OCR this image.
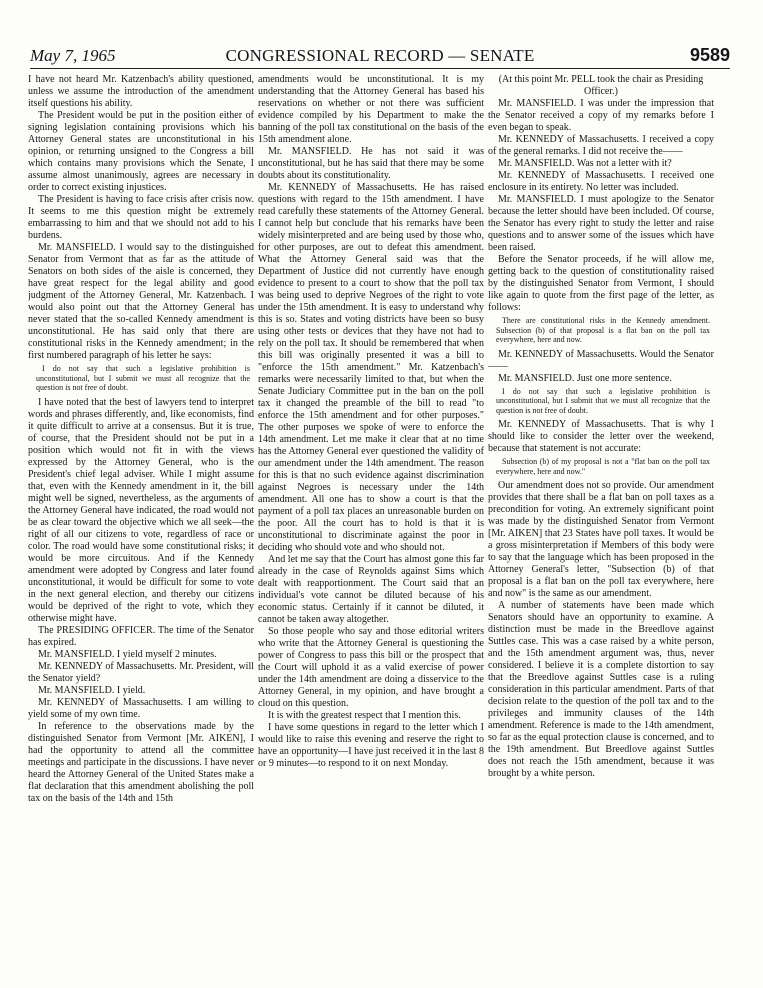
May 7, 1965	CONGRESSIONAL RECORD — SENATE	9589

I have not heard Mr. Katzenbach's ability questioned, unless we assume the introduction of the amendment itself questions his ability.

The President would be put in the position either of signing legislation containing provisions which his Attorney General states are unconstitutional in his opinion, or returning unsigned to the Congress a bill which contains many provisions which the Senate, I assume almost unanimously, agrees are necessary in order to correct existing injustices.

The President is having to face crisis after crisis now. It seems to me this question might be extremely embarrassing to him and that we should not add to his burdens.

Mr. MANSFIELD. I would say to the distinguished Senator from Vermont that as far as the attitude of Senators on both sides of the aisle is concerned, they have great respect for the legal ability and good judgment of the Attorney General, Mr. Katzenbach. I would also point out that the Attorney General has never stated that the so-called Kennedy amendment is unconstitutional. He has said only that there are constitutional risks in the Kennedy amendment; in the first numbered paragraph of his letter he says:

I do not say that such a legislative prohibition is unconstitutional, but I submit we must all recognize that the question is not free of doubt.

I have noted that the best of lawyers tend to interpret words and phrases differently, and, like economists, find it quite difficult to arrive at a consensus. But it is true, of course, that the President should not be put in a position which would not fit in with the views expressed by the Attorney General, who is the President's chief legal adviser. While I might assume that, even with the Kennedy amendment in it, the bill might well be signed, nevertheless, as the arguments of the Attorney General have indicated, the road would not be as clear toward the objective which we all seek—the right of all our citizens to vote, regardless of race or color. The road would have some constitutional risks; it would be more circuitous. And if the Kennedy amendment were adopted by Congress and later found unconstitutional, it would be difficult for some to vote in the next general election, and thereby our citizens would be deprived of the right to vote, which they otherwise might have.

The PRESIDING OFFICER. The time of the Senator has expired.

Mr. MANSFIELD. I yield myself 2 minutes.

Mr. KENNEDY of Massachusetts. Mr. President, will the Senator yield?

Mr. MANSFIELD. I yield.

Mr. KENNEDY of Massachusetts. I am willing to yield some of my own time.

In reference to the observations made by the distinguished Senator from Vermont [Mr. AIKEN], I had the opportunity to attend all the committee meetings and participate in the discussions. I have never heard the Attorney General of the United States make a flat declaration that this amendment abolishing the poll tax on the basis of the 14th and 15th

amendments would be unconstitutional. It is my understanding that the Attorney General has based his reservations on whether or not there was sufficient evidence compiled by his Department to make the banning of the poll tax constitutional on the basis of the 15th amendment alone.

Mr. MANSFIELD. He has not said it was unconstitutional, but he has said that there may be some doubts about its constitutionality.

Mr. KENNEDY of Massachusetts. He has raised questions with regard to the 15th amendment. I have read carefully these statements of the Attorney General. I cannot help but conclude that his remarks have been widely misinterpreted and are being used by those who, for other purposes, are out to defeat this amendment. What the Attorney General said was that the Department of Justice did not currently have enough evidence to present to a court to show that the poll tax was being used to deprive Negroes of the right to vote under the 15th amendment. It is easy to understand why this is so. States and voting districts have been so busy using other tests or devices that they have not had to rely on the poll tax. It should be remembered that when this bill was originally presented it was a bill to "enforce the 15th amendment." Mr. Katzenbach's remarks were necessarily limited to that, but when the Senate Judiciary Committee put in the ban on the poll tax it changed the preamble of the bill to read "to enforce the 15th amendment and for other purposes." The other purposes we spoke of were to enforce the 14th amendment. Let me make it clear that at no time has the Attorney General ever questioned the validity of our amendment under the 14th amendment. The reason for this is that no such evidence against discrimination against Negroes is necessary under the 14th amendment. All one has to show a court is that the payment of a poll tax places an unreasonable burden on the poor. All the court has to hold is that it is unconstitutional to discriminate against the poor in deciding who should vote and who should not.

And let me say that the Court has almost gone this far already in the case of Reynolds against Sims which dealt with reapportionment. The Court said that an individual's vote cannot be diluted because of his economic status. Certainly if it cannot be diluted, it cannot be taken away altogether.

So those people who say and those editorial writers who write that the Attorney General is questioning the power of Congress to pass this bill or the prospect that the Court will uphold it as a valid exercise of power under the 14th amendment are doing a disservice to the Attorney General, in my opinion, and have brought a cloud on this question.

It is with the greatest respect that I mention this.

I have some questions in regard to the letter which I would like to raise this evening and reserve the right to have an opportunity—I have just received it in the last 8 or 9 minutes—to respond to it on next Monday.

(At this point Mr. PELL took the chair as Presiding Officer.)

Mr. MANSFIELD. I was under the impression that the Senator received a copy of my remarks before I even began to speak.

Mr. KENNEDY of Massachusetts. I received a copy of the general remarks. I did not receive the——

Mr. MANSFIELD. Was not a letter with it?

Mr. KENNEDY of Massachusetts. I received one enclosure in its entirety. No letter was included.

Mr. MANSFIELD. I must apologize to the Senator because the letter should have been included. Of course, the Senator has every right to study the letter and raise questions and to answer some of the issues which have been raised.

Before the Senator proceeds, if he will allow me, getting back to the question of constitutionality raised by the distinguished Senator from Vermont, I should like again to quote from the first page of the letter, as follows:

There are constitutional risks in the Kennedy amendment. Subsection (b) of that proposal is a flat ban on the poll tax everywhere, here and now.

Mr. KENNEDY of Massachusetts. Would the Senator——

Mr. MANSFIELD. Just one more sentence.

I do not say that such a legislative prohibition is unconstitutional, but I submit that we must all recognize that the question is not free of doubt.

Mr. KENNEDY of Massachusetts. That is why I should like to consider the letter over the weekend, because that statement is not accurate:

Subsection (b) of my proposal is not a "flat ban on the poll tax everywhere, here and now."

Our amendment does not so provide. Our amendment provides that there shall be a flat ban on poll taxes as a precondition for voting. An extremely significant point was made by the distinguished Senator from Vermont [Mr. AIKEN] that 23 States have poll taxes. It would be a gross misinterpretation if Members of this body were to say that the language which has been proposed in the Attorney General's letter, "Subsection (b) of that proposal is a flat ban on the poll tax everywhere, here and now" is the same as our amendment.

A number of statements have been made which Senators should have an opportunity to examine. A distinction must be made in the Breedlove against Suttles case. This was a case raised by a white person, and the 15th amendment argument was, thus, never considered. I believe it is a complete distortion to say that the Breedlove against Suttles case is a ruling consideration in this particular amendment. Parts of that decision relate to the question of the poll tax and to the privileges and immunity clauses of the 14th amendment. Reference is made to the 14th amendment, so far as the equal protection clause is concerned, and to the 19th amendment. But Breedlove against Suttles does not reach the 15th amendment, because it was brought by a white person.
